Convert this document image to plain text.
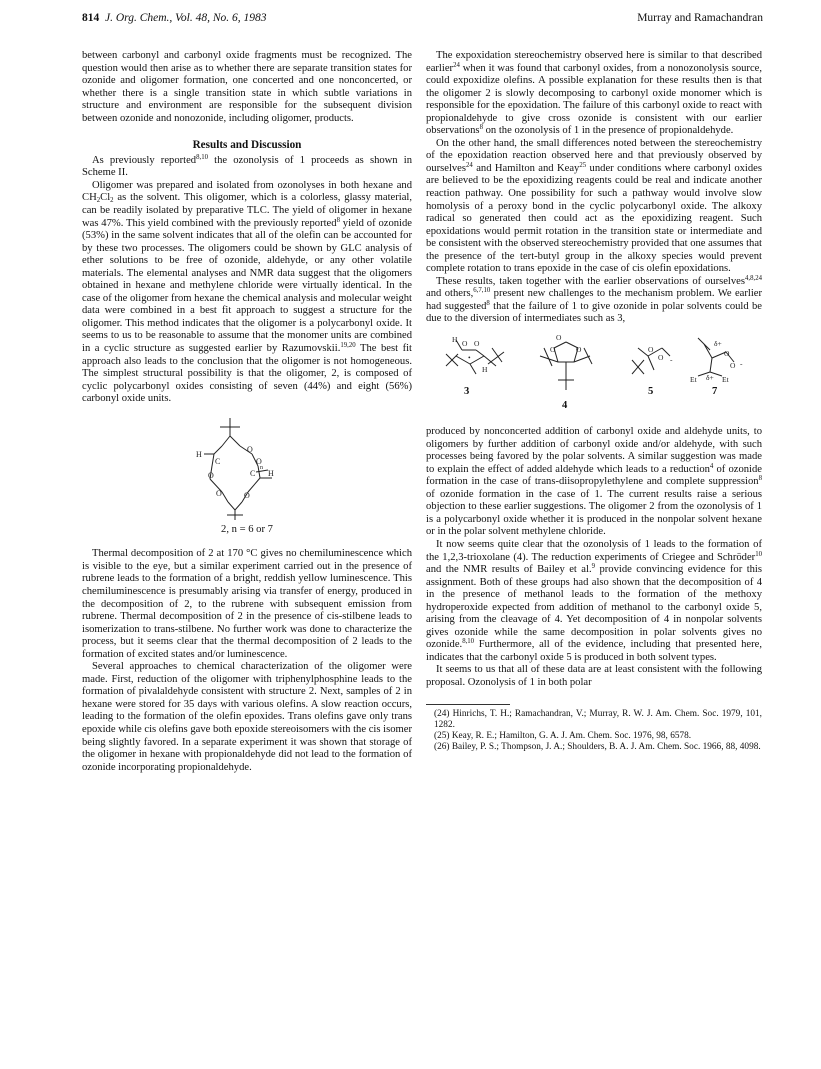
814 J. Org. Chem., Vol. 48, No. 6, 1983	Murray and Ramachandran

between carbonyl and carbonyl oxide fragments must be recognized. The question would then arise as to whether there are separate transition states for ozonide and oligomer formation, one concerted and one nonconcerted, or whether there is a single transition state in which subtle variations in structure and environment are responsible for the subsequent division between ozonide and nonozonide, including oligomer, products.

Results and Discussion

As previously reported$^{8,10}$ the ozonolysis of 1 proceeds as shown in Scheme II.

Oligomer was prepared and isolated from ozonolyses in both hexane and $CH_2Cl_2$ as the solvent. This oligomer, which is a colorless, glassy material, can be readily isolated by preparative TLC. The yield of oligomer in hexane was 47%. This yield combined with the previously reported$^8$ yield of ozonide (53%) in the same solvent indicates that all of the olefin can be accounted for by these two processes. The oligomers could be shown by GLC analysis of ether solutions to be free of ozonide, aldehyde, or any other volatile materials. The elemental analyses and NMR data suggest that the oligomers obtained in hexane and methylene chloride were virtually identical. In the case of the oligomer from hexane the chemical analysis and molecular weight data were combined in a best fit approach to suggest a structure for the oligomer. This method indicates that the oligomer is a polycarbonyl oxide. It seems to us to be reasonable to assume that the monomer units are combined in a cyclic structure as suggested earlier by Razumovskii.$^{19,20}$ The best fit approach also leads to the conclusion that the oligomer is not homogeneous. The simplest structural possibility is that the oligomer, 2, is composed of cyclic polycarbonyl oxides consisting of seven (44%) and eight (56%) carbonyl oxide units.

H
C
O
O
O
C H
n
O	O
2, n = 6 or 7

Thermal decomposition of 2 at 170 °C gives no chemiluminescence which is visible to the eye, but a similar experiment carried out in the presence of rubrene leads to the formation of a bright, reddish yellow luminescence. This chemiluminescence is presumably arising via transfer of energy, produced in the decomposition of 2, to the rubrene with subsequent emission from rubrene. Thermal decomposition of 2 in the presence of cis-stilbene leads to isomerization to trans-stilbene. No further work was done to characterize the process, but it seems clear that the thermal decomposition of 2 leads to the formation of excited states and/or luminescence.

Several approaches to chemical characterization of the oligomer were made. First, reduction of the oligomer with triphenylphosphine leads to the formation of pivalaldehyde consistent with structure 2. Next, samples of 2 in hexane were stored for 35 days with various olefins. A slow reaction occurs, leading to the formation of the olefin epoxides. Trans olefins gave only trans epoxide while cis olefins gave both epoxide stereoisomers with the cis isomer being slightly favored. In a separate experiment it was shown that storage of the oligomer in hexane with propionaldehyde did not lead to the formation of ozonide incorporating propionaldehyde.

The expoxidation stereochemistry observed here is similar to that described earlier$^{24}$ when it was found that carbonyl oxides, from a nonozonolysis source, could expoxidize olefins. A possible explanation for these results then is that the oligomer 2 is slowly decomposing to carbonyl oxide monomer which is responsible for the epoxidation. The failure of this carbonyl oxide to react with propionaldehyde to give cross ozonide is consistent with our earlier observations$^8$ on the ozonolysis of 1 in the presence of propionaldehyde.

On the other hand, the small differences noted between the stereochemistry of the epoxidation reaction observed here and that previously observed by ourselves$^{24}$ and Hamilton and Keay$^{25}$ under conditions where carbonyl oxides are believed to be the epoxidizing reagents could be real and indicate another reaction pathway. One possibility for such a pathway would involve slow homolysis of a peroxy bond in the cyclic polycarbonyl oxide. The alkoxy radical so generated then could act as the epoxidizing reagent. Such epoxidations would permit rotation in the transition state or intermediate and be consistent with the observed stereochemistry provided that one assumes that the presence of the tert-butyl group in the alkoxy species would prevent complete rotation to trans epoxide in the case of cis olefin epoxidations.

These results, taken together with the earlier observations of ourselves$^{4,8,24}$ and others,$^{6,7,10}$ present new challenges to the mechanism problem. We earlier had suggested$^8$ that the failure of 1 to give ozonide in polar solvents could be due to the diversion of intermediates such as 3,

H O O
•
H
O
O	O	O
O -
δ+
O
O -
Et	Et
δ+
3
4
5	7

produced by nonconcerted addition of carbonyl oxide and aldehyde units, to oligomers by further addition of carbonyl oxide and/or aldehyde, with such processes being favored by the polar solvents. A similar suggestion was made to explain the effect of added aldehyde which leads to a reduction$^4$ of ozonide formation in the case of trans-diisopropylethylene and complete suppression$^8$ of ozonide formation in the case of 1. The current results raise a serious objection to these earlier suggestions. The oligomer 2 from the ozonolysis of 1 is a polycarbonyl oxide whether it is produced in the nonpolar solvent hexane or in the polar solvent methylene chloride.

It now seems quite clear that the ozonolysis of 1 leads to the formation of the 1,2,3-trioxolane (4). The reduction experiments of Criegee and Schröder$^{10}$ and the NMR results of Bailey et al.$^9$ provide convincing evidence for this assignment. Both of these groups had also shown that the decomposition of 4 in the presence of methanol leads to the formation of the methoxy hydroperoxide expected from addition of methanol to the carbonyl oxide 5, arising from the cleavage of 4. Yet decomposition of 4 in nonpolar solvents gives ozonide while the same decomposition in polar solvents gives no ozonide.$^{8,10}$ Furthermore, all of the evidence, including that presented here, indicates that the carbonyl oxide 5 is produced in both solvent types.

It seems to us that all of these data are at least consistent with the following proposal. Ozonolysis of 1 in both polar

(24) Hinrichs, T. H.; Ramachandran, V.; Murray, R. W. J. Am. Chem. Soc. 1979, 101, 1282.

(25) Keay, R. E.; Hamilton, G. A. J. Am. Chem. Soc. 1976, 98, 6578.

(26) Bailey, P. S.; Thompson, J. A.; Shoulders, B. A. J. Am. Chem. Soc. 1966, 88, 4098.
